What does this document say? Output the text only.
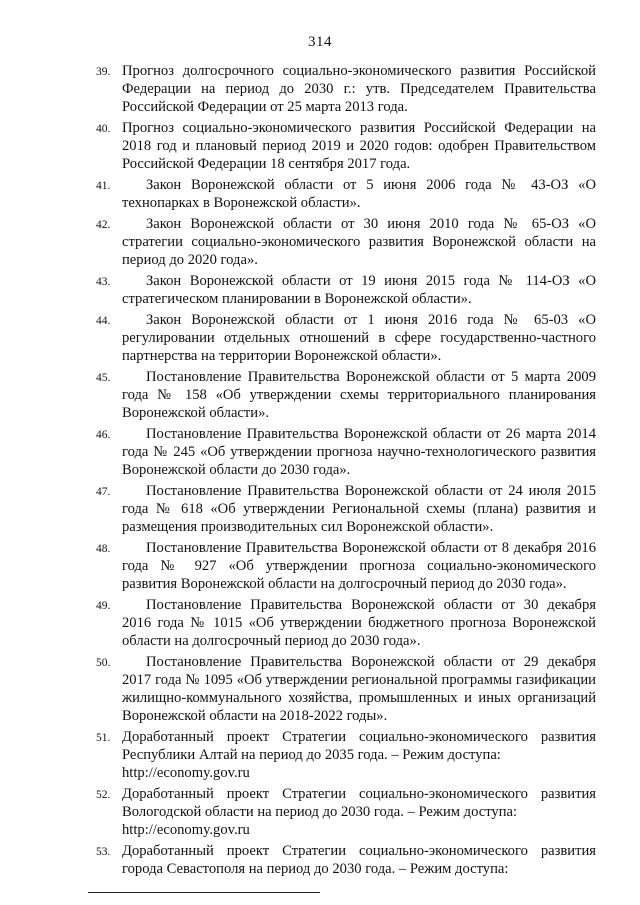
314
39. Прогноз долгосрочного социально-экономического развития Российской Федерации на период до 2030 г.: утв. Председателем Правительства Российской Федерации от 25 марта 2013 года.
40. Прогноз социально-экономического развития Российской Федерации на 2018 год и плановый период 2019 и 2020 годов: одобрен Правительством Российской Федерации 18 сентября 2017 года.
41.	Закон Воронежской области от 5 июня 2006 года № 43-ОЗ «О технопарках в Воронежской области».
42.	Закон Воронежской области от 30 июня 2010 года № 65-ОЗ «О стратегии социально-экономического развития Воронежской области на период до 2020 года».
43.	Закон Воронежской области от 19 июня 2015 года № 114-ОЗ «О стратегическом планировании в Воронежской области».
44.	Закон Воронежской области от 1 июня 2016 года № 65-03 «О регулировании отдельных отношений в сфере государственно-частного партнерства на территории Воронежской области».
45.	Постановление Правительства Воронежской области от 5 марта 2009 года № 158 «Об утверждении схемы территориального планирования Воронежской области».
46.	Постановление Правительства Воронежской области от 26 марта 2014 года № 245 «Об утверждении прогноза научно-технологического развития Воронежской области до 2030 года».
47.	Постановление Правительства Воронежской области от 24 июля 2015 года № 618 «Об утверждении Региональной схемы (плана) развития и размещения производительных сил Воронежской области».
48.	Постановление Правительства Воронежской области от 8 декабря 2016 года № 927 «Об утверждении прогноза социально-экономического развития Воронежской области на долгосрочный период до 2030 года».
49.	Постановление Правительства Воронежской области от 30 декабря 2016 года № 1015 «Об утверждении бюджетного прогноза Воронежской области на долгосрочный период до 2030 года».
50.	Постановление Правительства Воронежской области от 29 декабря 2017 года № 1095 «Об утверждении региональной программы газификации жилищно-коммунального хозяйства, промышленных и иных организаций Воронежской области на 2018-2022 годы».
51. Доработанный проект Стратегии социально-экономического развития Республики Алтай на период до 2035 года. – Режим доступа:
http://economy.gov.ru
52. Доработанный проект Стратегии социально-экономического развития Вологодской области на период до 2030 года. – Режим доступа:
http://economy.gov.ru
53. Доработанный проект Стратегии социально-экономического развития города Севастополя на период до 2030 года. – Режим доступа:
